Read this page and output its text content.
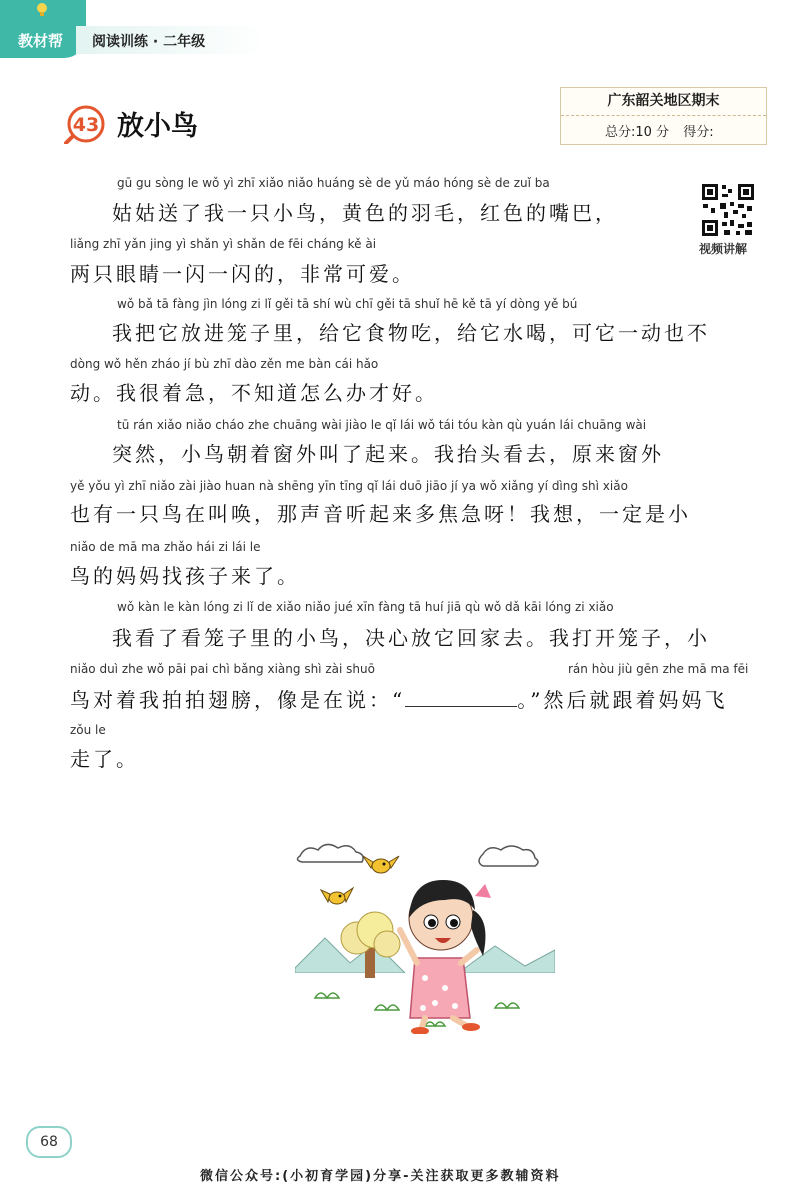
教材帮 阅读训练 · 二年级
43 放小鸟
广东韶关地区期末
总分:10 分 得分:
视频讲解
gū gu sòng le wǒ yì zhī xiǎo niǎo huáng sè de yǔ máo hóng sè de zuǐ ba
姑姑送了我一只小鸟，黄色的羽毛，红色的嘴巴，
liǎng zhī yǎn jing yì shǎn yì shǎn de fēi cháng kě ài
两只眼睛一闪一闪的，非常可爱。
wǒ bǎ tā fàng jìn lóng zi lǐ gěi tā shí wù chī gěi tā shuǐ hē kě tā yí dòng yě bú
我把它放进笼子里，给它食物吃，给它水喝，可它一动也不
dòng wǒ hěn zháo jí bù zhī dào zěn me bàn cái hǎo
动。我很着急，不知道怎么办才好。
tū rán xiǎo niǎo cháo zhe chuāng wài jiào le qǐ lái wǒ tái tóu kàn qù yuán lái chuāng wài
突然，小鸟朝着窗外叫了起来。我抬头看去，原来窗外
yě yǒu yì zhī niǎo zài jiào huan nà shēng yīn tīng qǐ lái duō jiāo jí ya wǒ xiǎng yí dìng shì xiǎo
也有一只鸟在叫唤，那声音听起来多焦急呀！我想，一定是小
niǎo de mā ma zhǎo hái zi lái le
鸟的妈妈找孩子来了。
wǒ kàn le kàn lóng zi lǐ de xiǎo niǎo jué xīn fàng tā huí jiā qù wǒ dǎ kāi lóng zi xiǎo
我看了看笼子里的小鸟，决心放它回家去。我打开笼子，小
niǎo duì zhe wǒ pāi pai chì bǎng xiàng shì zài shuō	rán hòu jiù gēn zhe mā ma fēi
鸟对着我拍拍翅膀，像是在说：“	。”然后就跟着妈妈飞
zǒu le
走了。
68
微信公众号:(小初育学园)分享-关注获取更多教辅资料
